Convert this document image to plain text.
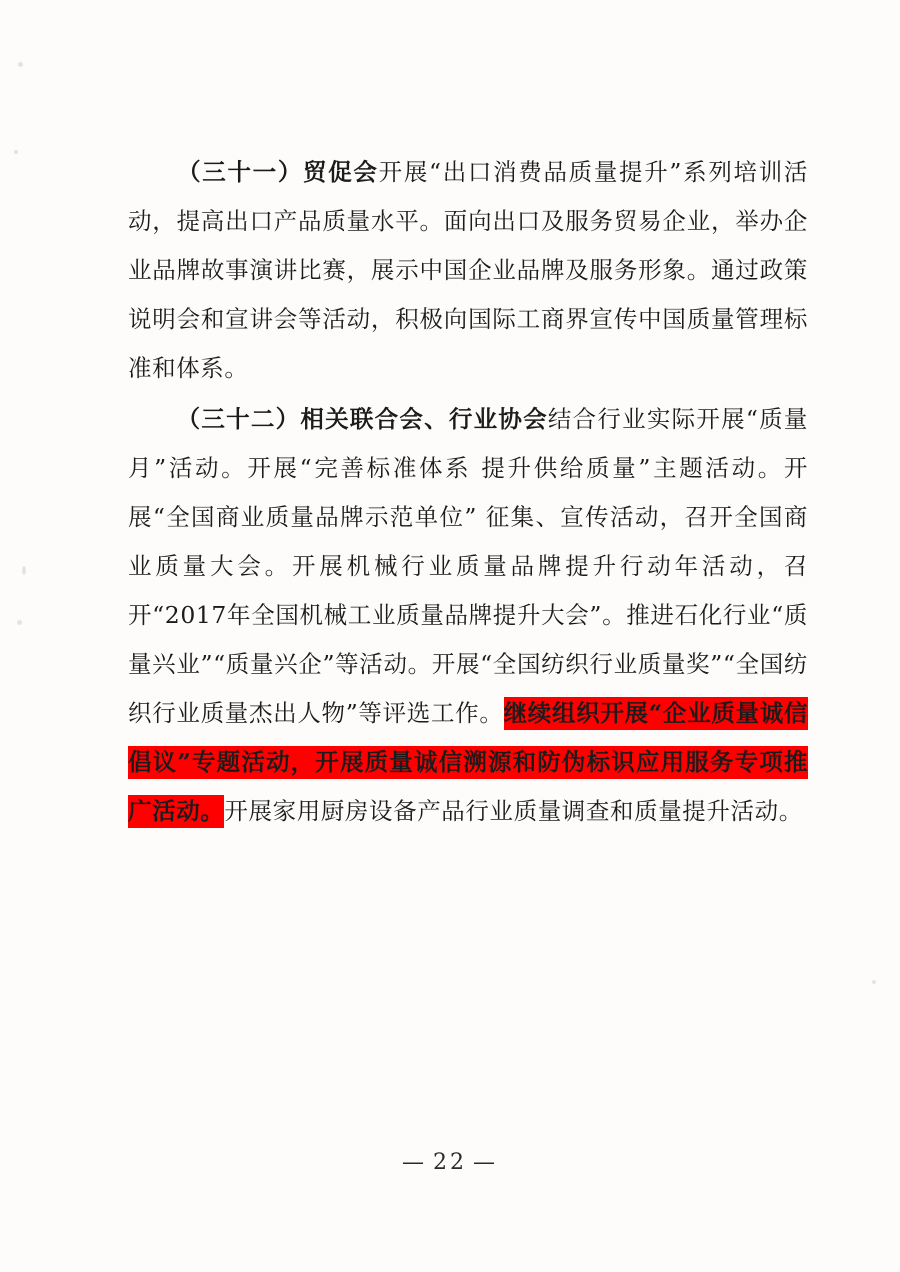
（三十一）贸促会开展“出口消费品质量提升”系列培训活动，提高出口产品质量水平。面向出口及服务贸易企业，举办企业品牌故事演讲比赛，展示中国企业品牌及服务形象。通过政策说明会和宣讲会等活动，积极向国际工商界宣传中国质量管理标准和体系。

（三十二）相关联合会、行业协会结合行业实际开展“质量月”活动。开展“完善标准体系 提升供给质量”主题活动。开展“全国商业质量品牌示范单位” 征集、宣传活动，召开全国商业质量大会。开展机械行业质量品牌提升行动年活动，召开“2017年全国机械工业质量品牌提升大会”。推进石化行业“质量兴业”“质量兴企”等活动。开展“全国纺织行业质量奖”“全国纺织行业质量杰出人物”等评选工作。继续组织开展“企业质量诚信倡议”专题活动，开展质量诚信溯源和防伪标识应用服务专项推广活动。开展家用厨房设备产品行业质量调查和质量提升活动。

— 22 —
